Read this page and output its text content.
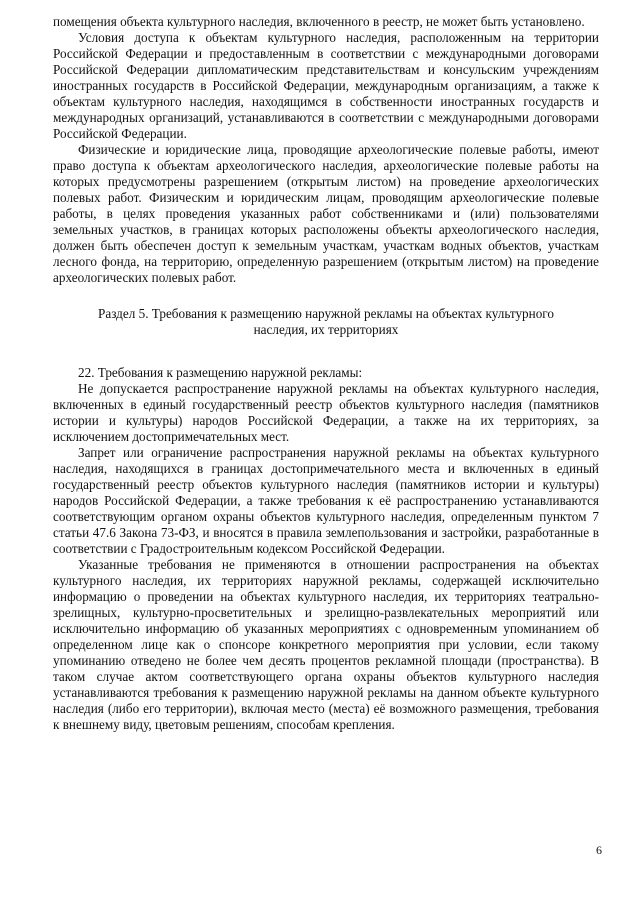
помещения объекта культурного наследия, включенного в реестр, не может быть установлено.

Условия доступа к объектам культурного наследия, расположенным на территории Российской Федерации и предоставленным в соответствии с международными договорами Российской Федерации дипломатическим представительствам и консульским учреждениям иностранных государств в Российской Федерации, международным организациям, а также к объектам культурного наследия, находящимся в собственности иностранных государств и международных организаций, устанавливаются в соответствии с международными договорами Российской Федерации.

Физические и юридические лица, проводящие археологические полевые работы, имеют право доступа к объектам археологического наследия, археологические полевые работы на которых предусмотрены разрешением (открытым листом) на проведение археологических полевых работ. Физическим и юридическим лицам, проводящим археологические полевые работы, в целях проведения указанных работ собственниками и (или) пользователями земельных участков, в границах которых расположены объекты археологического наследия, должен быть обеспечен доступ к земельным участкам, участкам водных объектов, участкам лесного фонда, на территорию, определенную разрешением (открытым листом) на проведение археологических полевых работ.

Раздел 5. Требования к размещению наружной рекламы на объектах культурного
наследия, их территориях

22. Требования к размещению наружной рекламы:

Не допускается распространение наружной рекламы на объектах культурного наследия, включенных в единый государственный реестр объектов культурного наследия (памятников истории и культуры) народов Российской Федерации, а также на их территориях, за исключением достопримечательных мест.

Запрет или ограничение распространения наружной рекламы на объектах культурного наследия, находящихся в границах достопримечательного места и включенных в единый государственный реестр объектов культурного наследия (памятников истории и культуры) народов Российской Федерации, а также требования к её распространению устанавливаются соответствующим органом охраны объектов культурного наследия, определенным пунктом 7 статьи 47.6 Закона 73-ФЗ, и вносятся в правила землепользования и застройки, разработанные в соответствии с Градостроительным кодексом Российской Федерации.

Указанные требования не применяются в отношении распространения на объектах культурного наследия, их территориях наружной рекламы, содержащей исключительно информацию о проведении на объектах культурного наследия, их территориях театрально-зрелищных, культурно-просветительных и зрелищно-развлекательных мероприятий или исключительно информацию об указанных мероприятиях с одновременным упоминанием об определенном лице как о спонсоре конкретного мероприятия при условии, если такому упоминанию отведено не более чем десять процентов рекламной площади (пространства). В таком случае актом соответствующего органа охраны объектов культурного наследия устанавливаются требования к размещению наружной рекламы на данном объекте культурного наследия (либо его территории), включая место (места) её возможного размещения, требования к внешнему виду, цветовым решениям, способам крепления.

6
